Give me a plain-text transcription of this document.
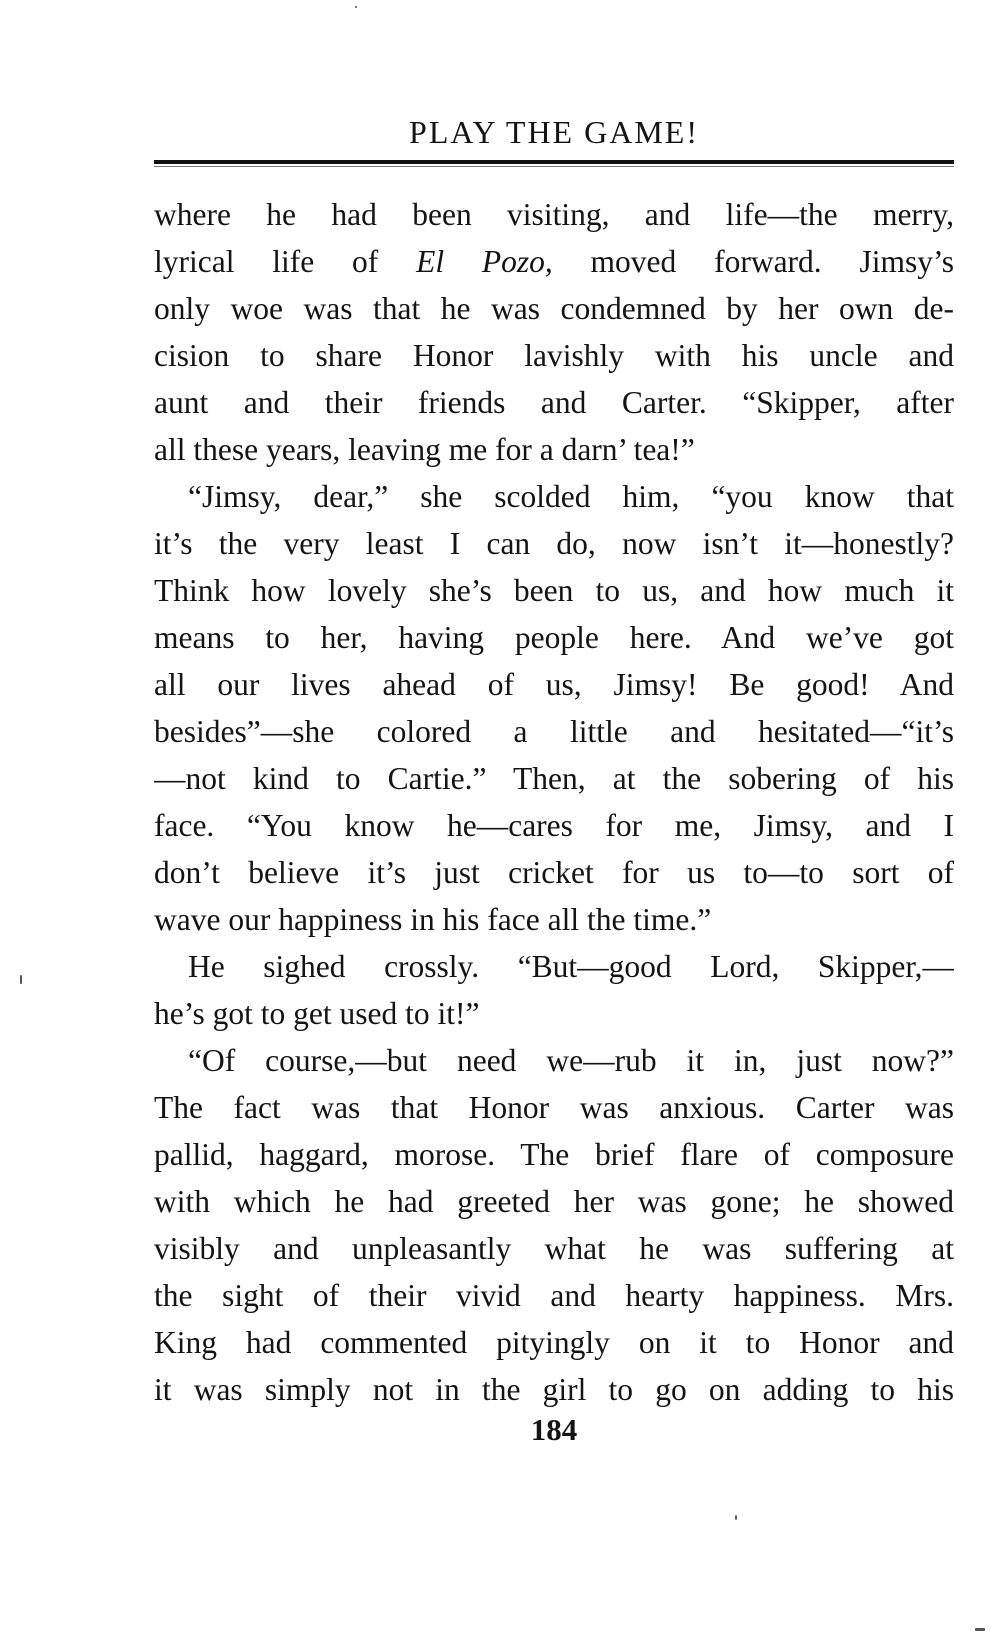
PLAY THE GAME!
where he had been visiting, and life—the merry,
lyrical life of El Pozo, moved forward. Jimsy’s
only woe was that he was condemned by her own de-
cision to share Honor lavishly with his uncle and
aunt and their friends and Carter. “Skipper, after
all these years, leaving me for a darn’ tea!”
“Jimsy, dear,” she scolded him, “you know that
it’s the very least I can do, now isn’t it—honestly?
Think how lovely she’s been to us, and how much it
means to her, having people here. And we’ve got
all our lives ahead of us, Jimsy! Be good! And
besides”—she colored a little and hesitated—“it’s
—not kind to Cartie.” Then, at the sobering of his
face. “You know he—cares for me, Jimsy, and I
don’t believe it’s just cricket for us to—to sort of
wave our happiness in his face all the time.”
He sighed crossly. “But—good Lord, Skipper,—
he’s got to get used to it!”
“Of course,—but need we—rub it in, just now?”
The fact was that Honor was anxious. Carter was
pallid, haggard, morose. The brief flare of composure
with which he had greeted her was gone; he showed
visibly and unpleasantly what he was suffering at
the sight of their vivid and hearty happiness. Mrs.
King had commented pityingly on it to Honor and
it was simply not in the girl to go on adding to his
184
